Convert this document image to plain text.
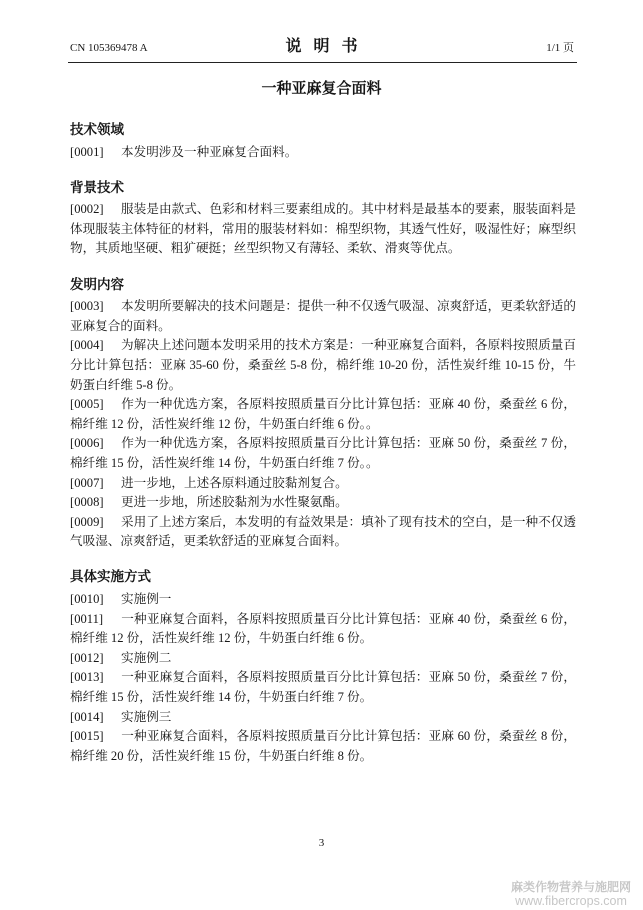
CN 105369478 A	说 明 书	1/1 页
一种亚麻复合面料
技术领域

[0001] 本发明涉及一种亚麻复合面料。

背景技术

[0002] 服装是由款式、色彩和材料三要素组成的。其中材料是最基本的要素，服装面料是体现服装主体特征的材料，常用的服装材料如：棉型织物，其透气性好，吸湿性好；麻型织物，其质地坚硬、粗犷硬挺；丝型织物又有薄轻、柔软、滑爽等优点。

发明内容

[0003] 本发明所要解决的技术问题是：提供一种不仅透气吸湿、凉爽舒适，更柔软舒适的亚麻复合的面料。

[0004] 为解决上述问题本发明采用的技术方案是：一种亚麻复合面料，各原料按照质量百分比计算包括：亚麻 35-60 份，桑蚕丝 5-8 份，棉纤维 10-20 份，活性炭纤维 10-15 份，牛奶蛋白纤维 5-8 份。

[0005] 作为一种优选方案，各原料按照质量百分比计算包括：亚麻 40 份，桑蚕丝 6 份，棉纤维 12 份，活性炭纤维 12 份，牛奶蛋白纤维 6 份。。

[0006] 作为一种优选方案，各原料按照质量百分比计算包括：亚麻 50 份，桑蚕丝 7 份，棉纤维 15 份，活性炭纤维 14 份，牛奶蛋白纤维 7 份。。

[0007] 进一步地，上述各原料通过胶黏剂复合。

[0008] 更进一步地，所述胶黏剂为水性聚氨酯。

[0009] 采用了上述方案后，本发明的有益效果是：填补了现有技术的空白，是一种不仅透气吸湿、凉爽舒适，更柔软舒适的亚麻复合面料。

具体实施方式

[0010] 实施例一

[0011] 一种亚麻复合面料，各原料按照质量百分比计算包括：亚麻 40 份，桑蚕丝 6 份，棉纤维 12 份，活性炭纤维 12 份，牛奶蛋白纤维 6 份。

[0012] 实施例二

[0013] 一种亚麻复合面料，各原料按照质量百分比计算包括：亚麻 50 份，桑蚕丝 7 份，棉纤维 15 份，活性炭纤维 14 份，牛奶蛋白纤维 7 份。

[0014] 实施例三

[0015] 一种亚麻复合面料，各原料按照质量百分比计算包括：亚麻 60 份，桑蚕丝 8 份，棉纤维 20 份，活性炭纤维 15 份，牛奶蛋白纤维 8 份。

3
麻类作物营养与施肥网
www.fibercrops.com
